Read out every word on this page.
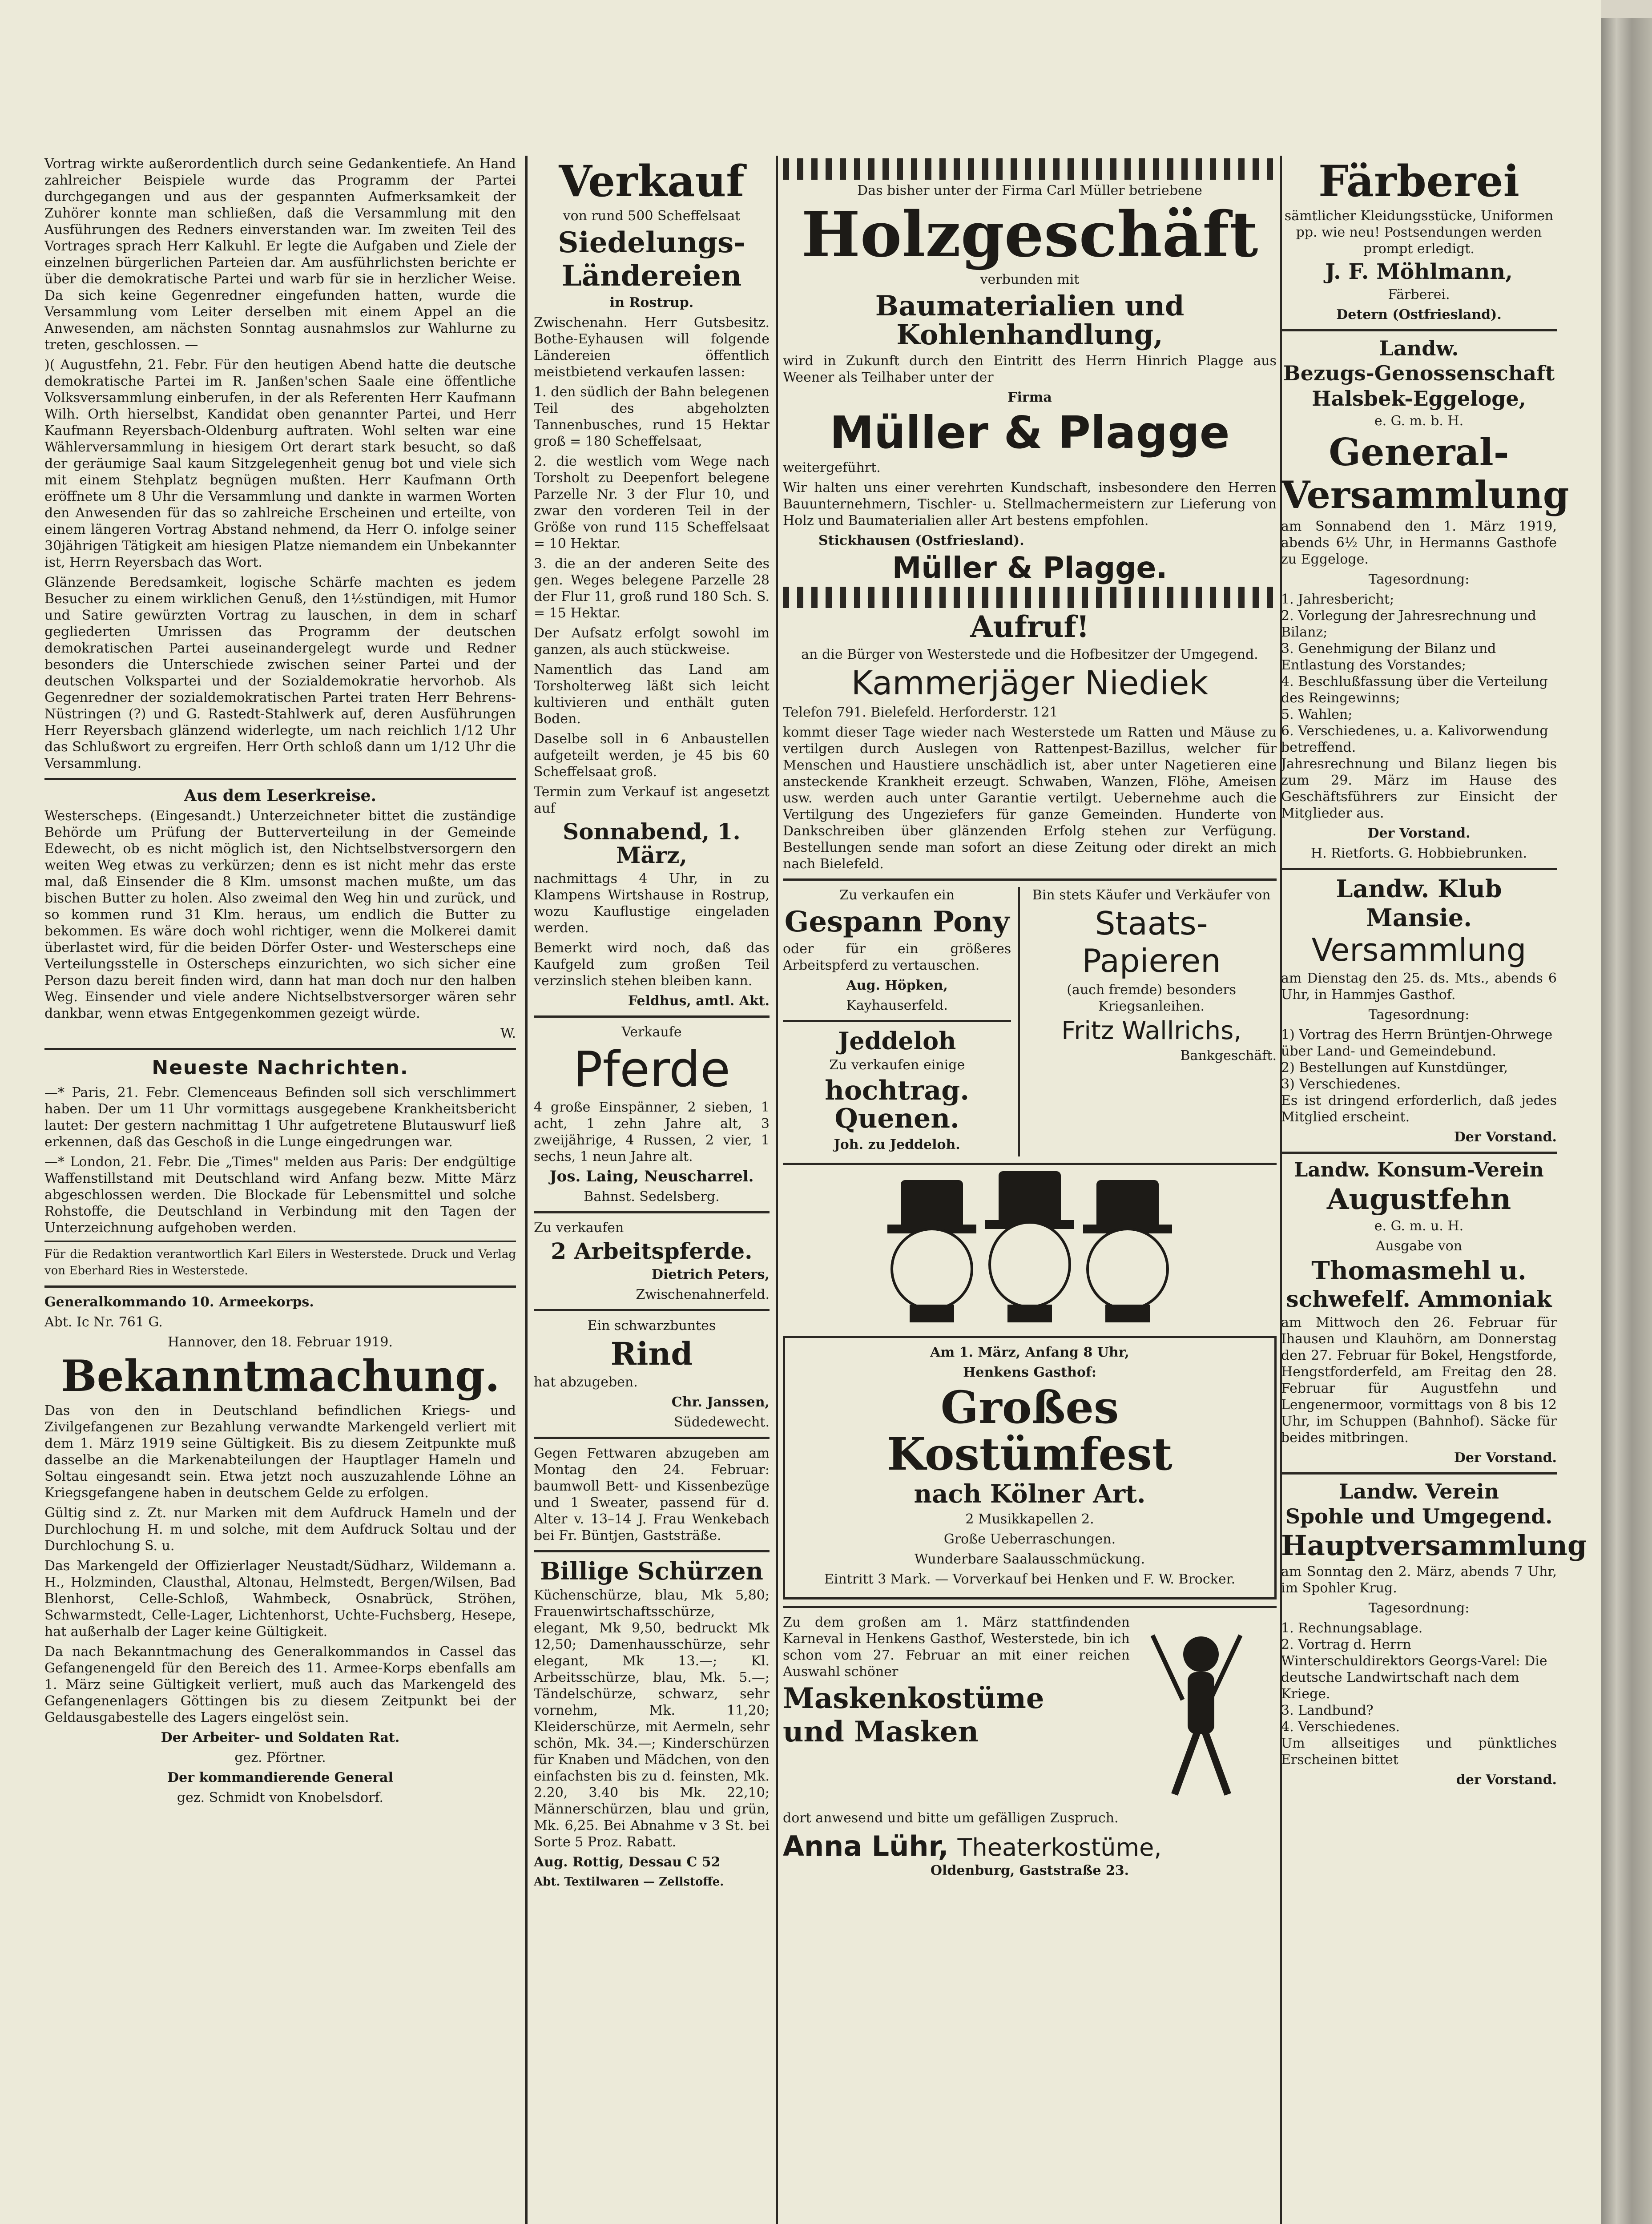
Vortrag wirkte außerordentlich durch seine Gedankentiefe. An Hand zahlreicher Beispiele wurde das Programm der Partei durchgegangen und aus der gespannten Aufmerksamkeit der Zuhörer konnte man schließen, daß die Versammlung mit den Ausführungen des Redners einverstanden war. Im zweiten Teil des Vortrages sprach Herr Kalkuhl. Er legte die Aufgaben und Ziele der einzelnen bürgerlichen Parteien dar. Am ausführlichsten berichte er über die demokratische Partei und warb für sie in herzlicher Weise. Da sich keine Gegenredner eingefunden hatten, wurde die Versammlung vom Leiter derselben mit einem Appel an die Anwesenden, am nächsten Sonntag ausnahmslos zur Wahlurne zu treten, geschlossen. —

)( Augustfehn, 21. Febr. Für den heutigen Abend hatte die deutsche demokratische Partei im R. Janßen'schen Saale eine öffentliche Volksversammlung einberufen, in der als Referenten Herr Kaufmann Wilh. Orth hierselbst, Kandidat oben genannter Partei, und Herr Kaufmann Reyersbach-Oldenburg auftraten. Wohl selten war eine Wählerversammlung in hiesigem Ort derart stark besucht, so daß der geräumige Saal kaum Sitzgelegenheit genug bot und viele sich mit einem Stehplatz begnügen mußten. Herr Kaufmann Orth eröffnete um 8 Uhr die Versammlung und dankte in warmen Worten den Anwesenden für das so zahlreiche Erscheinen und erteilte, von einem längeren Vortrag Abstand nehmend, da Herr O. infolge seiner 30jährigen Tätigkeit am hiesigen Platze niemandem ein Unbekannter ist, Herrn Reyersbach das Wort.

Glänzende Beredsamkeit, logische Schärfe machten es jedem Besucher zu einem wirklichen Genuß, den 1½stündigen, mit Humor und Satire gewürzten Vortrag zu lauschen, in dem in scharf gegliederten Umrissen das Programm der deutschen demokratischen Partei auseinandergelegt wurde und Redner besonders die Unterschiede zwischen seiner Partei und der deutschen Volkspartei und der Sozialdemokratie hervorhob. Als Gegenredner der sozialdemokratischen Partei traten Herr Behrens-Nüstringen (?) und G. Rastedt-Stahlwerk auf, deren Ausführungen Herr Reyersbach glänzend widerlegte, um nach reichlich 1/12 Uhr das Schlußwort zu ergreifen. Herr Orth schloß dann um 1/12 Uhr die Versammlung.

Aus dem Leserkreise.

Westerscheps. (Eingesandt.) Unterzeichneter bittet die zuständige Behörde um Prüfung der Butterverteilung in der Gemeinde Edewecht, ob es nicht möglich ist, den Nichtselbstversorgern den weiten Weg etwas zu verkürzen; denn es ist nicht mehr das erste mal, daß Einsender die 8 Klm. umsonst machen mußte, um das bischen Butter zu holen. Also zweimal den Weg hin und zurück, und so kommen rund 31 Klm. heraus, um endlich die Butter zu bekommen. Es wäre doch wohl richtiger, wenn die Molkerei damit überlastet wird, für die beiden Dörfer Oster- und Westerscheps eine Verteilungsstelle in Osterscheps einzurichten, wo sich sicher eine Person dazu bereit finden wird, dann hat man doch nur den halben Weg. Einsender und viele andere Nichtselbstversorger wären sehr dankbar, wenn etwas Entgegenkommen gezeigt würde.

W.

Neueste Nachrichten.

—* Paris, 21. Febr. Clemenceaus Befinden soll sich verschlimmert haben. Der um 11 Uhr vormittags ausgegebene Krankheitsbericht lautet: Der gestern nachmittag 1 Uhr aufgetretene Blutauswurf ließ erkennen, daß das Geschoß in die Lunge eingedrungen war.

—* London, 21. Febr. Die „Times" melden aus Paris: Der endgültige Waffenstillstand mit Deutschland wird Anfang bezw. Mitte März abgeschlossen werden. Die Blockade für Lebensmittel und solche Rohstoffe, die Deutschland in Verbindung mit den Tagen der Unterzeichnung aufgehoben werden.

Für die Redaktion verantwortlich Karl Eilers in Westerstede. Druck und Verlag von Eberhard Ries in Westerstede.

Generalkommando 10. Armeekorps.

Abt. Ic Nr. 761 G.

Hannover, den 18. Februar 1919.

Bekanntmachung.

Das von den in Deutschland befindlichen Kriegs- und Zivilgefangenen zur Bezahlung verwandte Markengeld verliert mit dem 1. März 1919 seine Gültigkeit. Bis zu diesem Zeitpunkte muß dasselbe an die Markenabteilungen der Hauptlager Hameln und Soltau eingesandt sein. Etwa jetzt noch auszuzahlende Löhne an Kriegsgefangene haben in deutschem Gelde zu erfolgen.

Gültig sind z. Zt. nur Marken mit dem Aufdruck Hameln und der Durchlochung H. m und solche, mit dem Aufdruck Soltau und der Durchlochung S. u.

Das Markengeld der Offizierlager Neustadt/Südharz, Wildemann a. H., Holzminden, Clausthal, Altonau, Helmstedt, Bergen/Wilsen, Bad Blenhorst, Celle-Schloß, Wahmbeck, Osnabrück, Ströhen, Schwarmstedt, Celle-Lager, Lichtenhorst, Uchte-Fuchsberg, Hesepe, hat außerhalb der Lager keine Gültigkeit.

Da nach Bekanntmachung des Generalkommandos in Cassel das Gefangenengeld für den Bereich des 11. Armee-Korps ebenfalls am 1. März seine Gültigkeit verliert, muß auch das Markengeld des Gefangenenlagers Göttingen bis zu diesem Zeitpunkt bei der Geldausgabestelle des Lagers eingelöst sein.

Der Arbeiter- und Soldaten Rat.

gez. Pförtner.

Der kommandierende General

gez. Schmidt von Knobelsdorf.

Verkauf

von rund 500 Scheffelsaat

Siedelungs-
Ländereien

in Rostrup.

Zwischenahn. Herr Gutsbesitz. Bothe-Eyhausen will folgende Ländereien öffentlich meistbietend verkaufen lassen:

1. den südlich der Bahn belegenen Teil des abgeholzten Tannenbusches, rund 15 Hektar groß = 180 Scheffelsaat,

2. die westlich vom Wege nach Torsholt zu Deepenfort belegene Parzelle Nr. 3 der Flur 10, und zwar den vorderen Teil in der Größe von rund 115 Scheffelsaat = 10 Hektar.

3. die an der anderen Seite des gen. Weges belegene Parzelle 28 der Flur 11, groß rund 180 Sch. S. = 15 Hektar.

Der Aufsatz erfolgt sowohl im ganzen, als auch stückweise.

Namentlich das Land am Torsholterweg läßt sich leicht kultivieren und enthält guten Boden.

Daselbe soll in 6 Anbaustellen aufgeteilt werden, je 45 bis 60 Scheffelsaat groß.

Termin zum Verkauf ist angesetzt auf

Sonnabend, 1. März,

nachmittags 4 Uhr, in zu Klampens Wirtshause in Rostrup, wozu Kauflustige eingeladen werden.

Bemerkt wird noch, daß das Kaufgeld zum großen Teil verzinslich stehen bleiben kann.

Feldhus, amtl. Akt.

Verkaufe

Pferde

4 große Einspänner, 2 sieben, 1 acht, 1 zehn Jahre alt, 3 zweijährige, 4 Russen, 2 vier, 1 sechs, 1 neun Jahre alt.

Jos. Laing, Neuscharrel.

Bahnst. Sedelsberg.

Zu verkaufen

2 Arbeitspferde.

Dietrich Peters,

Zwischenahnerfeld.

Ein schwarzbuntes

Rind

hat abzugeben.

Chr. Janssen,

Südedewecht.

Gegen Fettwaren abzugeben am Montag den 24. Februar: baumwoll Bett- und Kissenbezüge und 1 Sweater, passend für d. Alter v. 13–14 J. Frau Wenkebach bei Fr. Büntjen, Gaststräße.

Billige Schürzen

Küchenschürze, blau, Mk 5,80; Frauenwirtschaftsschürze, elegant, Mk 9,50, bedruckt Mk 12,50; Damenhausschürze, sehr elegant, Mk 13.—; Kl. Arbeitsschürze, blau, Mk. 5.—; Tändelschürze, schwarz, sehr vornehm, Mk. 11,20; Kleiderschürze, mit Aermeln, sehr schön, Mk. 34.—; Kinderschürzen für Knaben und Mädchen, von den einfachsten bis zu d. feinsten, Mk. 2.20, 3.40 bis Mk. 22,10; Männerschürzen, blau und grün, Mk. 6,25. Bei Abnahme v 3 St. bei Sorte 5 Proz. Rabatt.

Aug. Rottig, Dessau C 52

Abt. Textilwaren — Zellstoffe.

Das bisher unter der Firma Carl Müller betriebene

Holzgeschäft

verbunden mit

Baumaterialien und Kohlenhandlung,

wird in Zukunft durch den Eintritt des Herrn Hinrich Plagge aus Weener als Teilhaber unter der

Firma

Müller & Plagge

weitergeführt.

Wir halten uns einer verehrten Kundschaft, insbesondere den Herren Bauunternehmern, Tischler- u. Stellmachermeistern zur Lieferung von Holz und Baumaterialien aller Art bestens empfohlen.

Stickhausen (Ostfriesland).

Müller & Plagge.
Aufruf!

an die Bürger von Westerstede und die Hofbesitzer der Umgegend.

Kammerjäger Niediek

Telefon 791. Bielefeld. Herforderstr. 121

kommt dieser Tage wieder nach Westerstede um Ratten und Mäuse zu vertilgen durch Auslegen von Rattenpest-Bazillus, welcher für Menschen und Haustiere unschädlich ist, aber unter Nagetieren eine ansteckende Krankheit erzeugt. Schwaben, Wanzen, Flöhe, Ameisen usw. werden auch unter Garantie vertilgt. Uebernehme auch die Vertilgung des Ungeziefers für ganze Gemeinden. Hunderte von Dankschreiben über glänzenden Erfolg stehen zur Verfügung. Bestellungen sende man sofort an diese Zeitung oder direkt an mich nach Bielefeld.

Zu verkaufen ein

Gespann Pony

oder für ein größeres Arbeitspferd zu vertauschen.

Aug. Höpken,

Kayhauserfeld.

Jeddeloh

Zu verkaufen einige

hochtrag. Quenen.

Joh. zu Jeddeloh.

Bin stets Käufer und Verkäufer von

Staats-
Papieren

(auch fremde) besonders Kriegsanleihen.

Fritz Wallrichs,

Bankgeschäft.

Am 1. März, Anfang 8 Uhr,

Henkens Gasthof:

Großes Kostümfest
nach Kölner Art.

2 Musikkapellen 2.

Große Ueberraschungen.

Wunderbare Saalausschmückung.

Eintritt 3 Mark. — Vorverkauf bei Henken und F. W. Brocker.

Zu dem großen am 1. März stattfindenden Karneval in Henkens Gasthof, Westerstede, bin ich schon vom 27. Februar an mit einer reichen Auswahl schöner

Maskenkostüme
und Masken

dort anwesend und bitte um gefälligen Zuspruch.

Anna Lühr, Theaterkostüme,

Oldenburg, Gaststraße 23.

Färberei

sämtlicher Kleidungsstücke, Uniformen pp. wie neu! Postsendungen werden prompt erledigt.

J. F. Möhlmann,

Färberei.

Detern (Ostfriesland).

Landw.
Bezugs-Genossenschaft
Halsbek-Eggeloge,

e. G. m. b. H.

General-
Versammlung

am Sonnabend den 1. März 1919, abends 6½ Uhr, in Hermanns Gasthofe zu Eggeloge.

Tagesordnung:

1. Jahresbericht;
2. Vorlegung der Jahresrechnung und Bilanz;
3. Genehmigung der Bilanz und Entlastung des Vorstandes;
4. Beschlußfassung über die Verteilung des Reingewinns;
5. Wahlen;
6. Verschiedenes, u. a. Kalivorwendung betreffend.

Jahresrechnung und Bilanz liegen bis zum 29. März im Hause des Geschäftsführers zur Einsicht der Mitglieder aus.

Der Vorstand.

H. Rietforts. G. Hobbiebrunken.

Landw. Klub
Mansie.
Versammlung

am Dienstag den 25. ds. Mts., abends 6 Uhr, in Hammjes Gasthof.

Tagesordnung:

1) Vortrag des Herrn Brüntjen-Ohrwege über Land- und Gemeindebund.
2) Bestellungen auf Kunstdünger,
3) Verschiedenes.

Es ist dringend erforderlich, daß jedes Mitglied erscheint.

Der Vorstand.

Landw. Konsum-Verein
Augustfehn

e. G. m. u. H.

Ausgabe von

Thomasmehl u.
schwefelf. Ammoniak

am Mittwoch den 26. Februar für Ihausen und Klauhörn, am Donnerstag den 27. Februar für Bokel, Hengstforde, Hengstforderfeld, am Freitag den 28. Februar für Augustfehn und Lengenermoor, vormittags von 8 bis 12 Uhr, im Schuppen (Bahnhof). Säcke für beides mitbringen.

Der Vorstand.

Landw. Verein
Spohle und Umgegend.
Hauptversammlung

am Sonntag den 2. März, abends 7 Uhr, im Spohler Krug.

Tagesordnung:

1. Rechnungsablage.
2. Vortrag d. Herrn Winterschuldirektors Georgs-Varel: Die deutsche Landwirtschaft nach dem Kriege.
3. Landbund?
4. Verschiedenes.

Um allseitiges und pünktliches Erscheinen bittet

der Vorstand.
